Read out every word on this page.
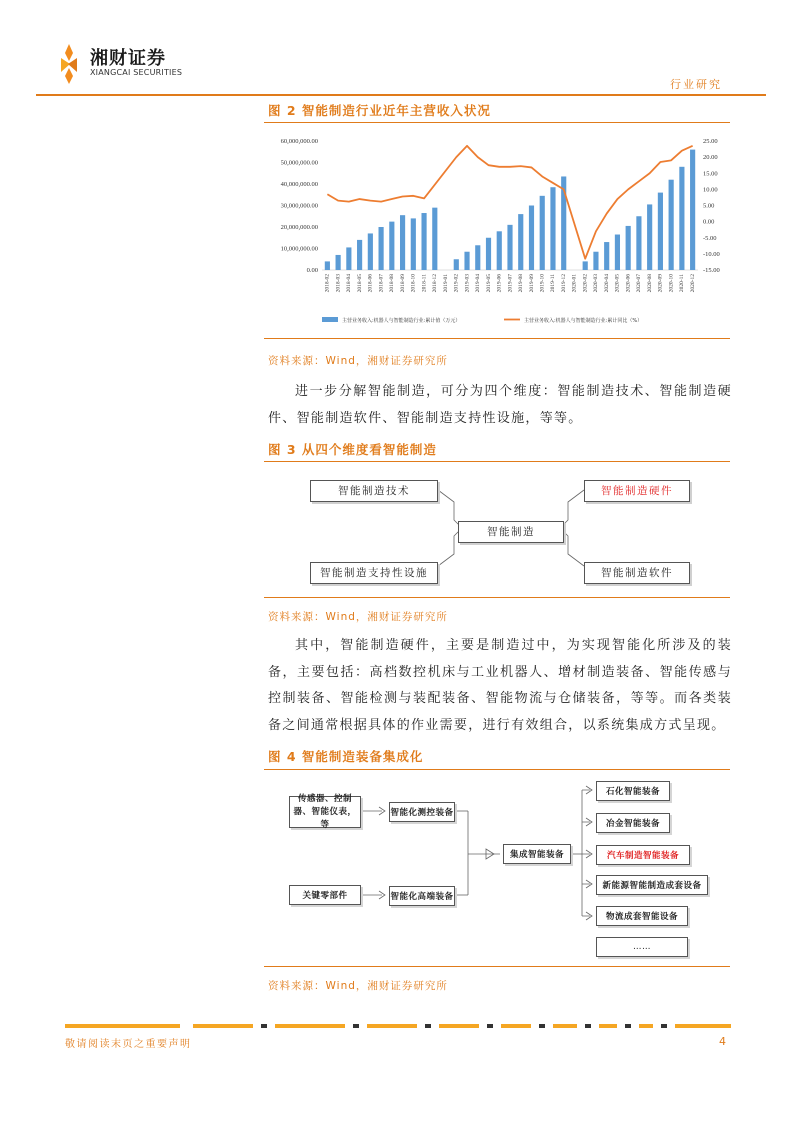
湘财证券
XIANGCAI SECURITIES
行业研究
图 2 智能制造行业近年主营收入状况
0.00
10,000,000.00
20,000,000.00
30,000,000.00
40,000,000.00
50,000,000.00
60,000,000.00
-15.00
-10.00
-5.00
0.00
5.00
10.00
15.00
20.00
25.00
2018-02 2018-03 2018-04 2018-05 2018-06 2018-07 2018-08 2018-09 2018-10 2018-11 2018-12 2019-01 2019-02 2019-03 2019-04 2019-05 2019-06 2019-07 2019-08 2019-09 2019-10 2019-11 2019-12 2020-01 2020-02 2020-03 2020-04 2020-05 2020-06 2020-07 2020-08 2020-09 2020-10 2020-11 2020-12
主营业务收入:机器人与智能制造行业:累计值（万元）	主营业务收入:机器人与智能制造行业:累计同比（%）
资料来源：Wind，湘财证券研究所

进一步分解智能制造，可分为四个维度：智能制造技术、智能制造硬件、智能制造软件、智能制造支持性设施，等等。

图 3 从四个维度看智能制造
智能制造技术	智能制造硬件
智能制造
智能制造支持性设施	智能制造软件
资料来源：Wind，湘财证券研究所

其中，智能制造硬件，主要是制造过中，为实现智能化所涉及的装备，主要包括：高档数控机床与工业机器人、增材制造装备、智能传感与控制装备、智能检测与装配装备、智能物流与仓储装备，等等。而各类装备之间通常根据具体的作业需要，进行有效组合，以系统集成方式呈现。

图 4 智能制造装备集成化
传感器、控制器、智能仪表，等
智能化测控装备
关键零部件	智能化高端装备
集成智能装备
石化智能装备
冶金智能装备
汽车制造智能装备
新能源智能制造成套设备
物流成套智能设备
……
资料来源：Wind，湘财证券研究所
敬请阅读末页之重要声明	4
